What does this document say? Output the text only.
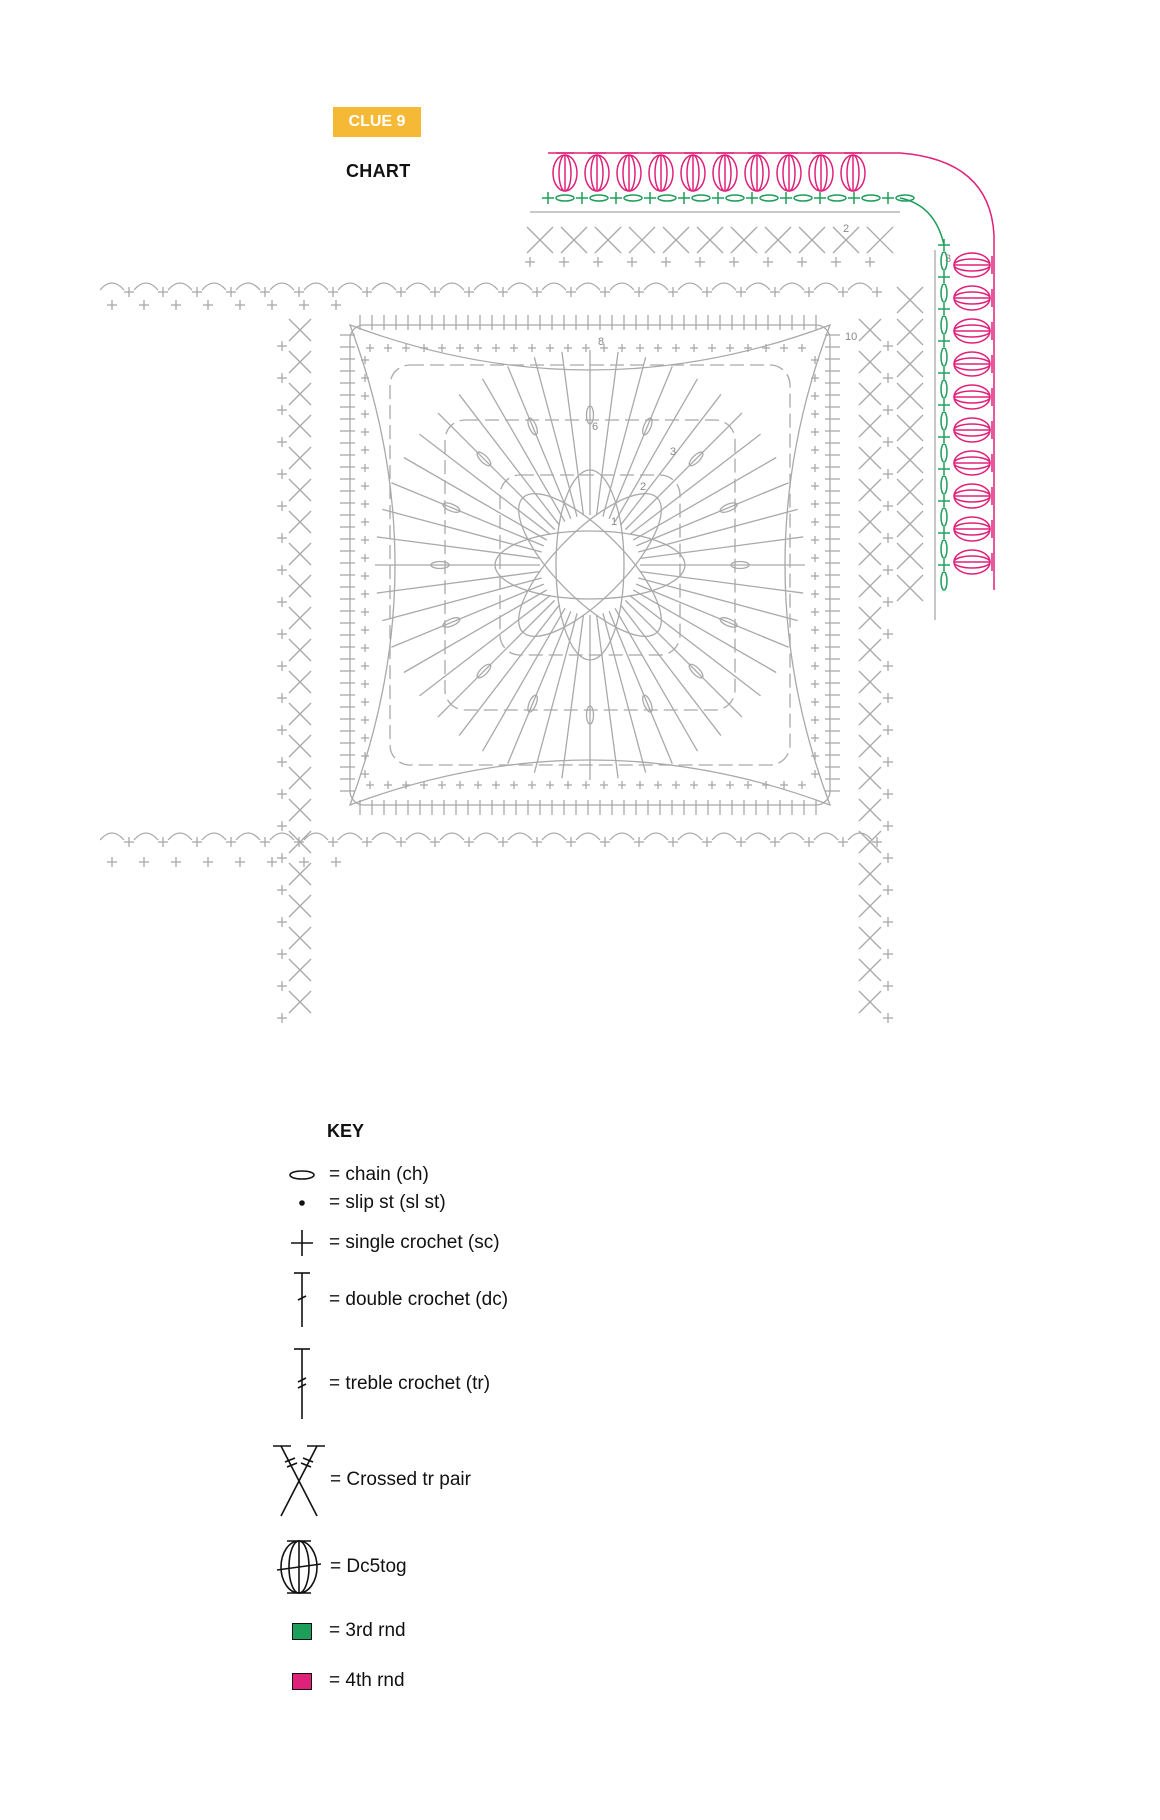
CLUE 9
CHART
1
2
3
6
8	10
2
3
KEY
= chain (ch)
= slip st (sl st)
= single crochet (sc)
= double crochet (dc)
= treble crochet (tr)
= Crossed tr pair
= Dc5tog
= 3rd rnd
= 4th rnd
